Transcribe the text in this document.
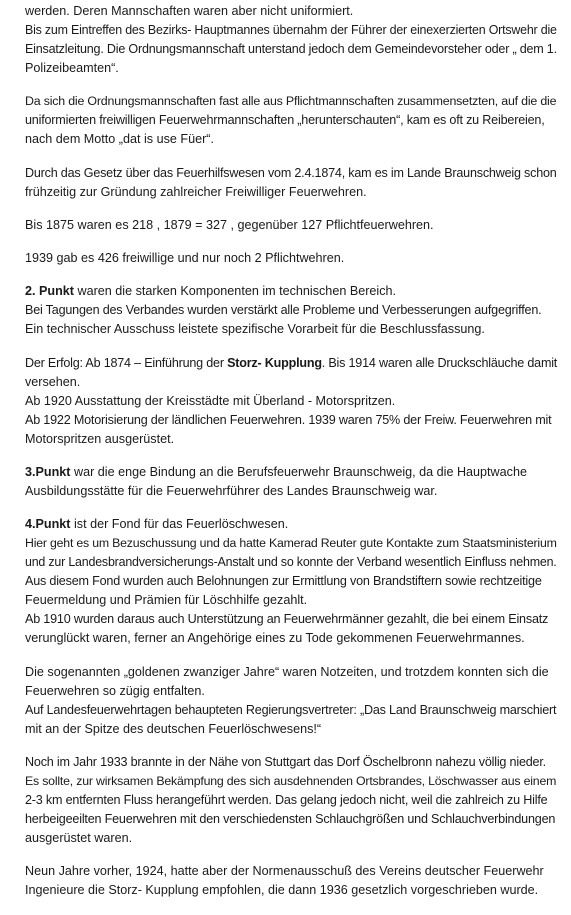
werden. Deren Mannschaften waren aber nicht uniformiert.
Bis zum Eintreffen des Bezirks- Hauptmannes übernahm der Führer der einexerzierten Ortswehr die
Einsatzleitung. Die Ordnungsmannschaft unterstand jedoch dem Gemeindevorsteher oder „ dem 1.
Polizeibeamten“.
Da sich die Ordnungsmannschaften fast alle aus Pflichtmannschaften zusammensetzten, auf die die
uniformierten freiwilligen Feuerwehrmannschaften „herunterschauten“, kam es oft zu Reibereien,
nach dem Motto „dat is use Füer“.
Durch das Gesetz über das Feuerhilfswesen vom 2.4.1874, kam es im Lande Braunschweig schon
frühzeitig zur Gründung zahlreicher Freiwilliger Feuerwehren.
Bis 1875 waren es 218 , 1879 = 327 , gegenüber 127 Pflichtfeuerwehren.
1939 gab es 426 freiwillige und nur noch 2 Pflichtwehren.
2. Punkt waren die starken Komponenten im technischen Bereich.
Bei Tagungen des Verbandes wurden verstärkt alle Probleme und Verbesserungen aufgegriffen.
Ein technischer Ausschuss leistete spezifische Vorarbeit für die Beschlussfassung.
Der Erfolg: Ab 1874 – Einführung der Storz- Kupplung. Bis 1914 waren alle Druckschläuche damit
versehen.
Ab 1920 Ausstattung der Kreisstädte mit Überland - Motorspritzen.
Ab 1922 Motorisierung der ländlichen Feuerwehren. 1939 waren 75% der Freiw. Feuerwehren mit
Motorspritzen ausgerüstet.
3.Punkt war die enge Bindung an die Berufsfeuerwehr Braunschweig, da die Hauptwache
Ausbildungsstätte für die Feuerwehrführer des Landes Braunschweig war.
4.Punkt ist der Fond für das Feuerlöschwesen.
Hier geht es um Bezuschussung und da hatte Kamerad Reuter gute Kontakte zum Staatsministerium
und zur Landesbrandversicherungs-Anstalt und so konnte der Verband wesentlich Einfluss nehmen.
Aus diesem Fond wurden auch Belohnungen zur Ermittlung von Brandstiftern sowie rechtzeitige
Feuermeldung und Prämien für Löschhilfe gezahlt.
Ab 1910 wurden daraus auch Unterstützung an Feuerwehrmänner gezahlt, die bei einem Einsatz
verunglückt waren, ferner an Angehörige eines zu Tode gekommenen Feuerwehrmannes.
Die sogenannten „goldenen zwanziger Jahre“ waren Notzeiten, und trotzdem konnten sich die
Feuerwehren so zügig entfalten.
Auf Landesfeuerwehrtagen behaupteten Regierungsvertreter: „Das Land Braunschweig marschiert
mit an der Spitze des deutschen Feuerlöschwesens!“
Noch im Jahr 1933 brannte in der Nähe von Stuttgart das Dorf Öschelbronn nahezu völlig nieder.
Es sollte, zur wirksamen Bekämpfung des sich ausdehnenden Ortsbrandes, Löschwasser aus einem
2-3 km entfernten Fluss herangeführt werden. Das gelang jedoch nicht, weil die zahlreich zu Hilfe
herbeigeeilten Feuerwehren mit den verschiedensten Schlauchgrößen und Schlauchverbindungen
ausgerüstet waren.
Neun Jahre vorher, 1924, hatte aber der Normenausschuß des Vereins deutscher Feuerwehr
Ingenieure die Storz- Kupplung empfohlen, die dann 1936 gesetzlich vorgeschrieben wurde.
